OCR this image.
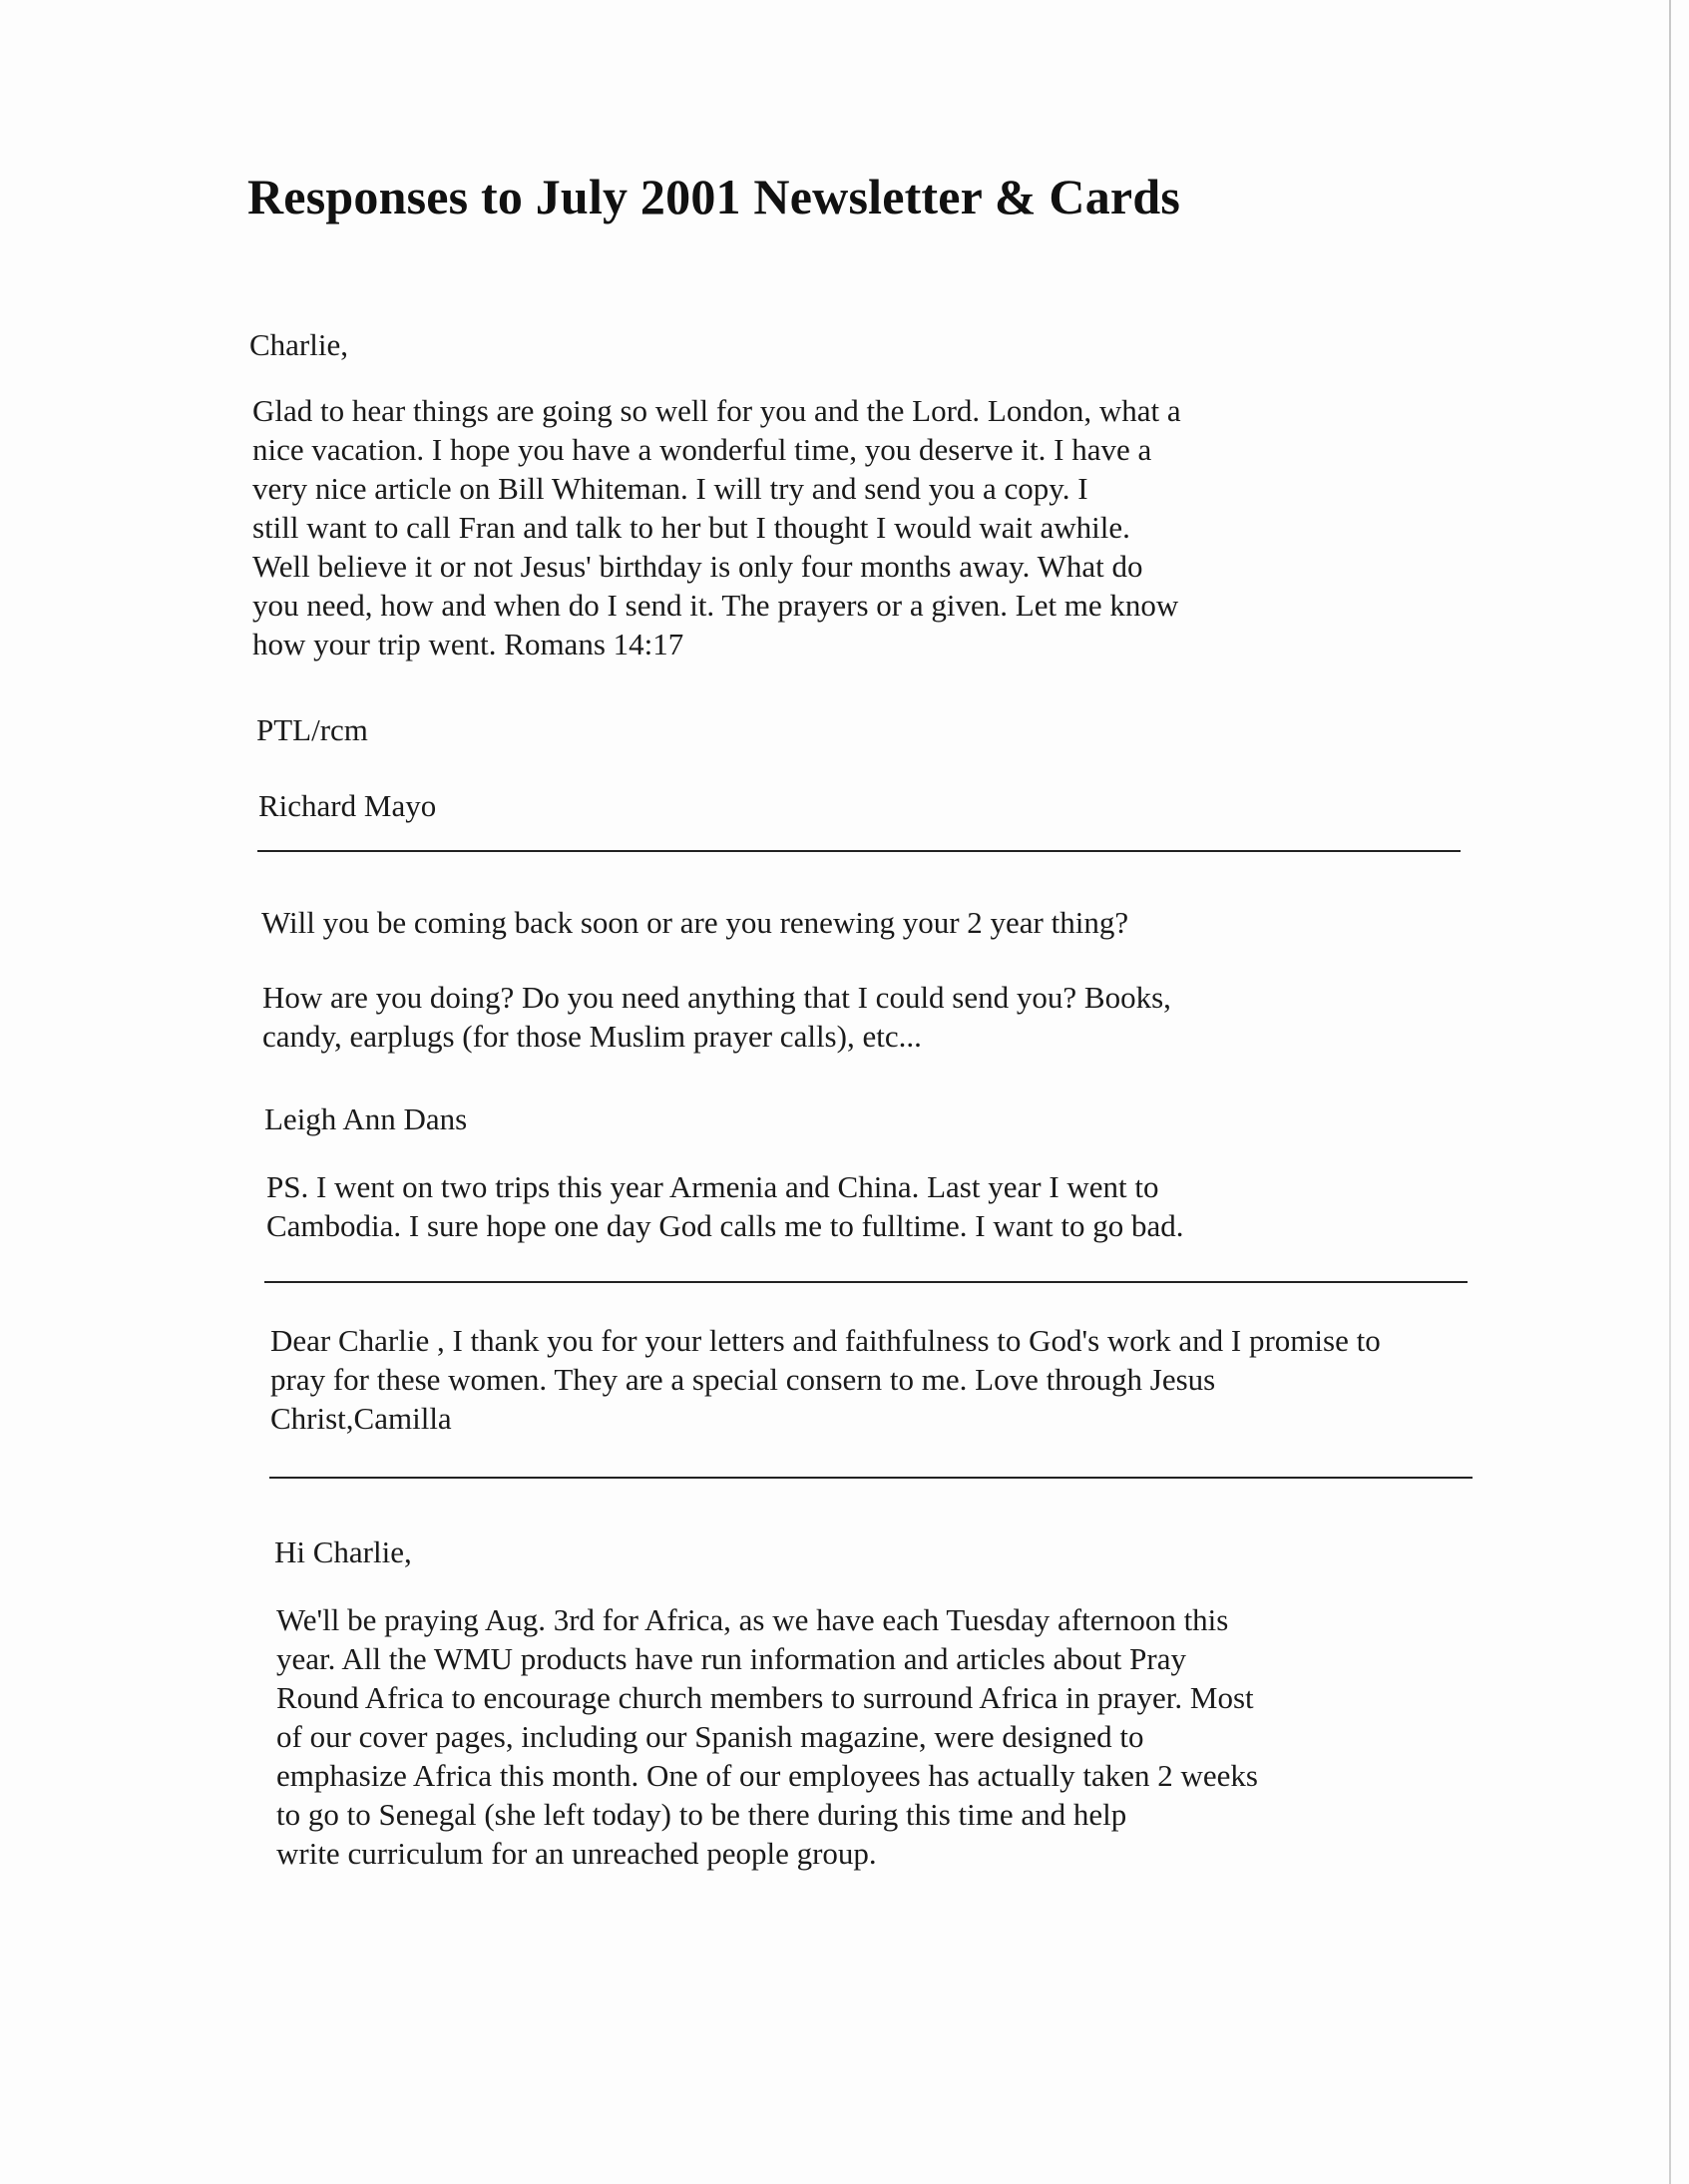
Responses to July 2001 Newsletter & Cards
Charlie,
Glad to hear things are going so well for you and the Lord. London, what a
nice vacation. I hope you have a wonderful time, you deserve it. I have a
very nice article on Bill Whiteman. I will try and send you a copy. I
still want to call Fran and talk to her but I thought I would wait awhile.
Well believe it or not Jesus' birthday is only four months away. What do
you need, how and when do I send it. The prayers or a given. Let me know
how your trip went. Romans 14:17
PTL/rcm
Richard Mayo
Will you be coming back soon or are you renewing your 2 year thing?
How are you doing? Do you need anything that I could send you? Books,
candy, earplugs (for those Muslim prayer calls), etc...
Leigh Ann Dans
PS. I went on two trips this year Armenia and China. Last year I went to
Cambodia. I sure hope one day God calls me to fulltime. I want to go bad.
Dear Charlie , I thank you for your letters and faithfulness to God's work and I promise to
pray for these women. They are a special consern to me. Love through Jesus
Christ,Camilla
Hi Charlie,
We'll be praying Aug. 3rd for Africa, as we have each Tuesday afternoon this
year. All the WMU products have run information and articles about Pray
Round Africa to encourage church members to surround Africa in prayer. Most
of our cover pages, including our Spanish magazine, were designed to
emphasize Africa this month. One of our employees has actually taken 2 weeks
to go to Senegal (she left today) to be there during this time and help
write curriculum for an unreached people group.
